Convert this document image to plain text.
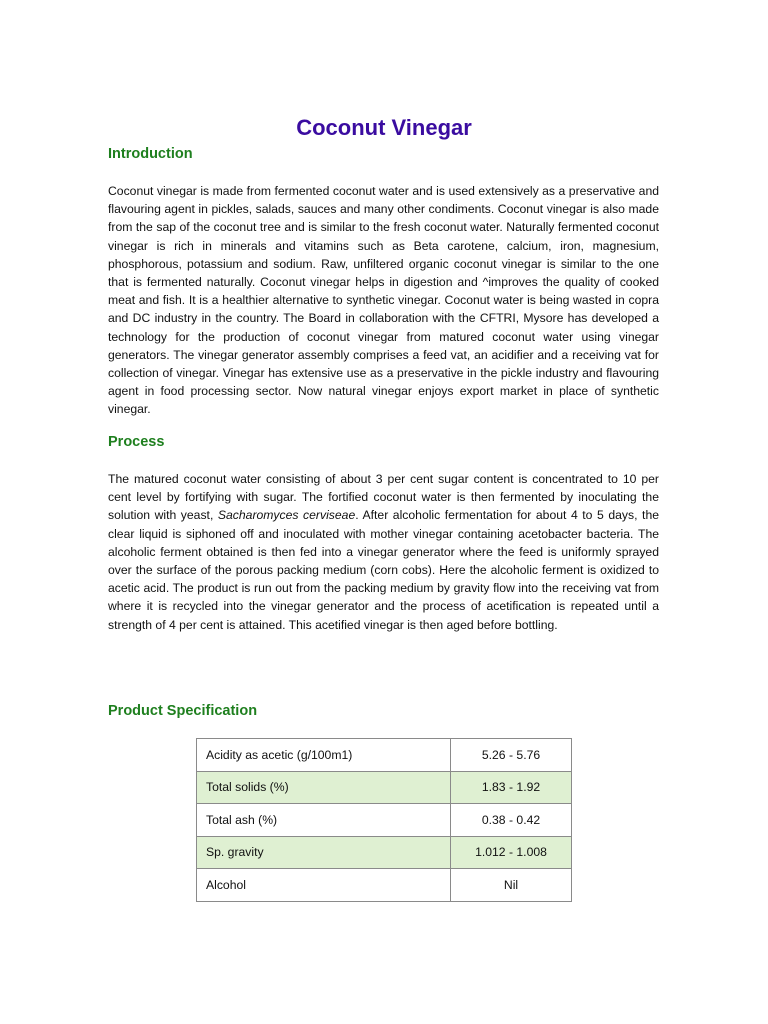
Coconut Vinegar
Introduction

Coconut vinegar is made from fermented coconut water and is used extensively as a preservative and flavouring agent in pickles, salads, sauces and many other condiments. Coconut vinegar is also made from the sap of the coconut tree and is similar to the fresh coconut water. Naturally fermented coconut vinegar is rich in minerals and vitamins such as Beta carotene, calcium, iron, magnesium, phosphorous, potassium and sodium. Raw, unfiltered organic coconut vinegar is similar to the one that is fermented naturally. Coconut vinegar helps in digestion and ^improves the quality of cooked meat and fish. It is a healthier alternative to synthetic vinegar. Coconut water is being wasted in copra and DC industry in the country. The Board in collaboration with the CFTRI, Mysore has developed a technology for the production of coconut vinegar from matured coconut water using vinegar generators. The vinegar generator assembly comprises a feed vat, an acidifier and a receiving vat for collection of vinegar. Vinegar has extensive use as a preservative in the pickle industry and flavouring agent in food processing sector. Now natural vinegar enjoys export market in place of synthetic vinegar.

Process

The matured coconut water consisting of about 3 per cent sugar content is concentrated to 10 per cent level by fortifying with sugar. The fortified coconut water is then fermented by inoculating the solution with yeast, Sacharomyces cerviseae. After alcoholic fermentation for about 4 to 5 days, the clear liquid is siphoned off and inoculated with mother vinegar containing acetobacter bacteria. The alcoholic ferment obtained is then fed into a vinegar generator where the feed is uniformly sprayed over the surface of the porous packing medium (corn cobs). Here the alcoholic ferment is oxidized to acetic acid. The product is run out from the packing medium by gravity flow into the receiving vat from where it is recycled into the vinegar generator and the process of acetification is repeated until a strength of 4 per cent is attained. This acetified vinegar is then aged before bottling.

Product Specification
Acidity as acetic (g/100m1)	5.26 - 5.76
Total solids (%)	1.83 - 1.92
Total ash (%)	0.38 - 0.42
Sp. gravity	1.012 - 1.008
Alcohol	Nil
